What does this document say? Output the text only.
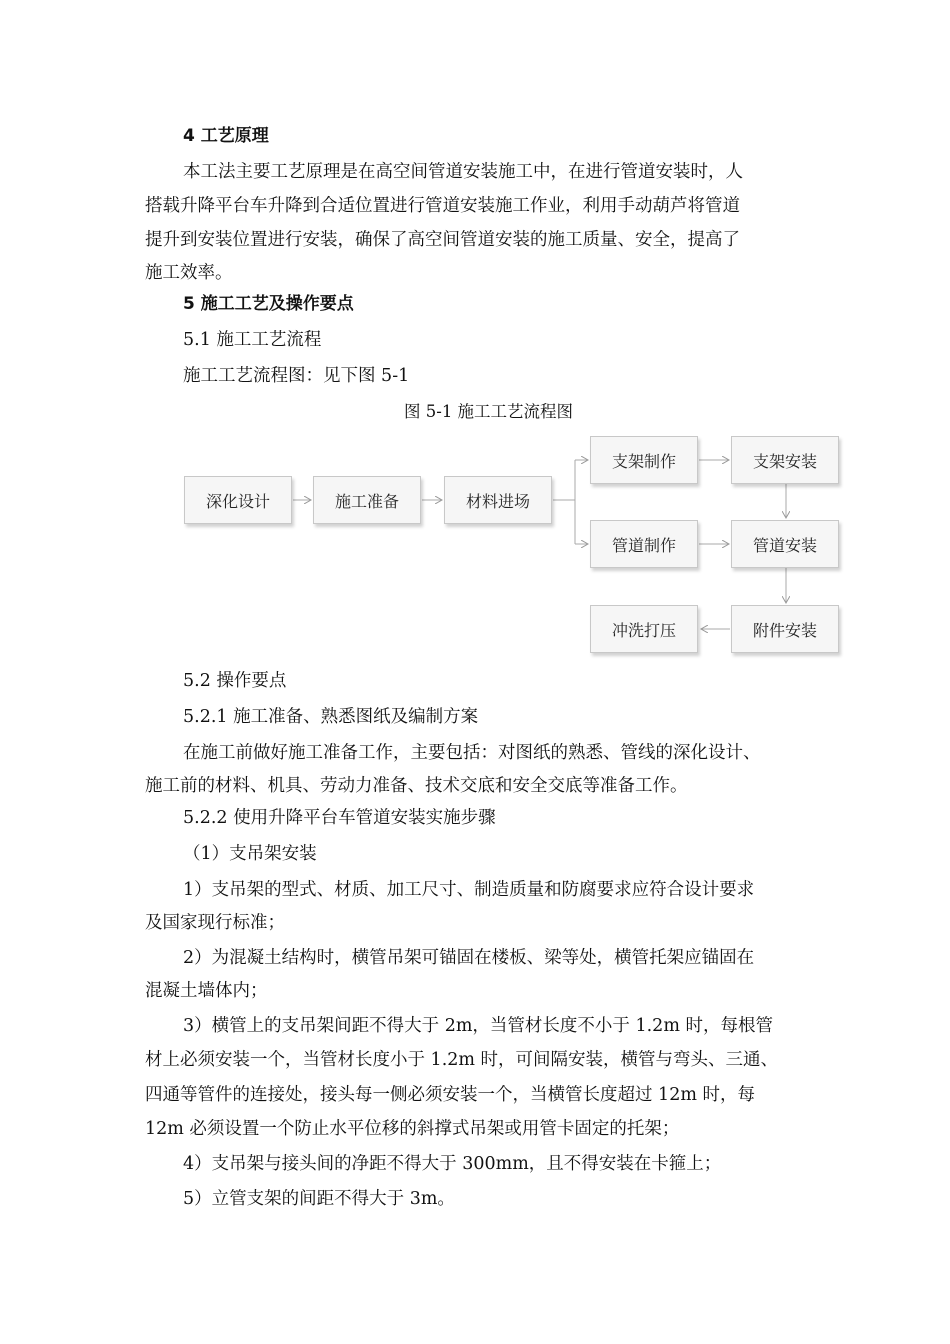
4 工艺原理
本工法主要工艺原理是在高空间管道安装施工中，在进行管道安装时，人
搭载升降平台车升降到合适位置进行管道安装施工作业，利用手动葫芦将管道
提升到安装位置进行安装，确保了高空间管道安装的施工质量、安全，提高了
施工效率。
5 施工工艺及操作要点
5.1 施工工艺流程
施工工艺流程图：见下图 5-1
图 5-1 施工工艺流程图
深化设计	施工准备	材料进场
支架制作	支架安装
管道制作	管道安装
冲洗打压	附件安装
5.2 操作要点
5.2.1 施工准备、熟悉图纸及编制方案
在施工前做好施工准备工作，主要包括：对图纸的熟悉、管线的深化设计、
施工前的材料、机具、劳动力准备、技术交底和安全交底等准备工作。
5.2.2 使用升降平台车管道安装实施步骤
（1）支吊架安装
1）支吊架的型式、材质、加工尺寸、制造质量和防腐要求应符合设计要求
及国家现行标准；
2）为混凝土结构时，横管吊架可锚固在楼板、梁等处，横管托架应锚固在
混凝土墙体内；
3）横管上的支吊架间距不得大于 2m，当管材长度不小于 1.2m 时，每根管
材上必须安装一个，当管材长度小于 1.2m 时，可间隔安装，横管与弯头、三通、
四通等管件的连接处，接头每一侧必须安装一个，当横管长度超过 12m 时，每
12m 必须设置一个防止水平位移的斜撑式吊架或用管卡固定的托架；
4）支吊架与接头间的净距不得大于 300mm，且不得安装在卡箍上；
5）立管支架的间距不得大于 3m。
